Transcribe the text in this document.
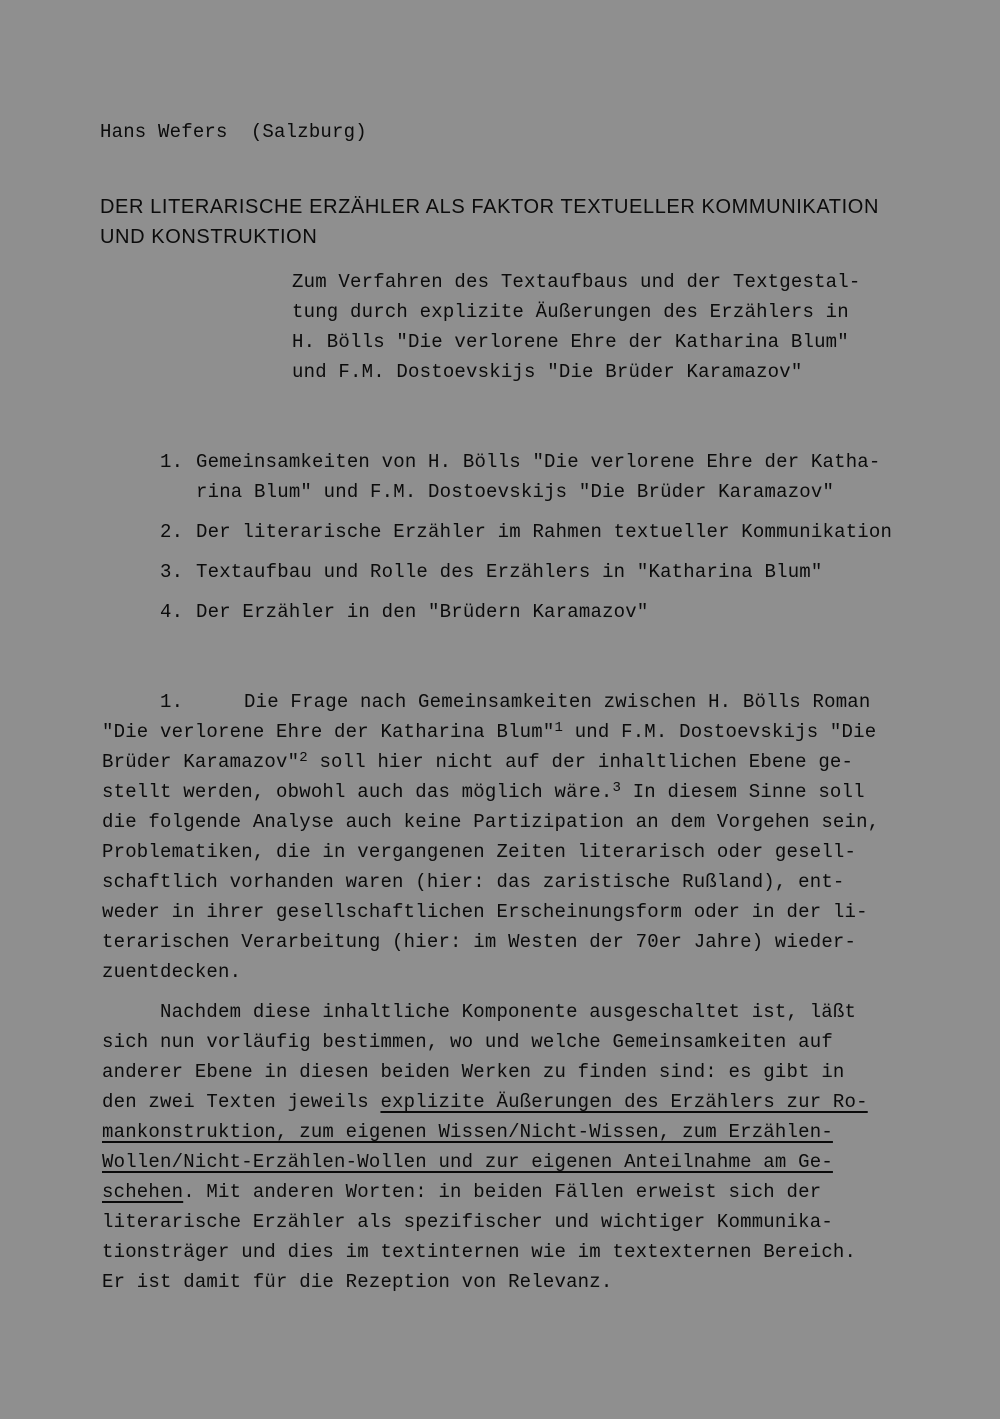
Hans Wefers  (Salzburg)
DER LITERARISCHE ERZÄHLER ALS FAKTOR TEXTUELLER KOMMUNIKATION
UND KONSTRUKTION
Zum Verfahren des Textaufbaus und der Textgestal-
tung durch explizite Äußerungen des Erzählers in
H. Bölls "Die verlorene Ehre der Katharina Blum"
und F.M. Dostoevskijs "Die Brüder Karamazov"
1. Gemeinsamkeiten von H. Bölls "Die verlorene Ehre der Katha-
rina Blum" und F.M. Dostoevskijs "Die Brüder Karamazov"
2. Der literarische Erzähler im Rahmen textueller Kommunikation
3. Textaufbau und Rolle des Erzählers in "Katharina Blum"
4. Der Erzähler in den "Brüdern Karamazov"
1.	Die Frage nach Gemeinsamkeiten zwischen H. Bölls Roman
"Die verlorene Ehre der Katharina Blum"$^1$ und F.M. Dostoevskijs "Die
Brüder Karamazov"$^2$ soll hier nicht auf der inhaltlichen Ebene ge-
stellt werden, obwohl auch das möglich wäre.$^3$ In diesem Sinne soll
die folgende Analyse auch keine Partizipation an dem Vorgehen sein,
Problematiken, die in vergangenen Zeiten literarisch oder gesell-
schaftlich vorhanden waren (hier: das zaristische Rußland), ent-
weder in ihrer gesellschaftlichen Erscheinungsform oder in der li-
terarischen Verarbeitung (hier: im Westen der 70er Jahre) wieder-
zuentdecken.
Nachdem diese inhaltliche Komponente ausgeschaltet ist, läßt
sich nun vorläufig bestimmen, wo und welche Gemeinsamkeiten auf
anderer Ebene in diesen beiden Werken zu finden sind: es gibt in
den zwei Texten jeweils explizite Äußerungen des Erzählers zur Ro-
mankonstruktion, zum eigenen Wissen/Nicht-Wissen, zum Erzählen-
Wollen/Nicht-Erzählen-Wollen und zur eigenen Anteilnahme am Ge-
schehen. Mit anderen Worten: in beiden Fällen erweist sich der
literarische Erzähler als spezifischer und wichtiger Kommunika-
tionsträger und dies im textinternen wie im textexternen Bereich.
Er ist damit für die Rezeption von Relevanz.
